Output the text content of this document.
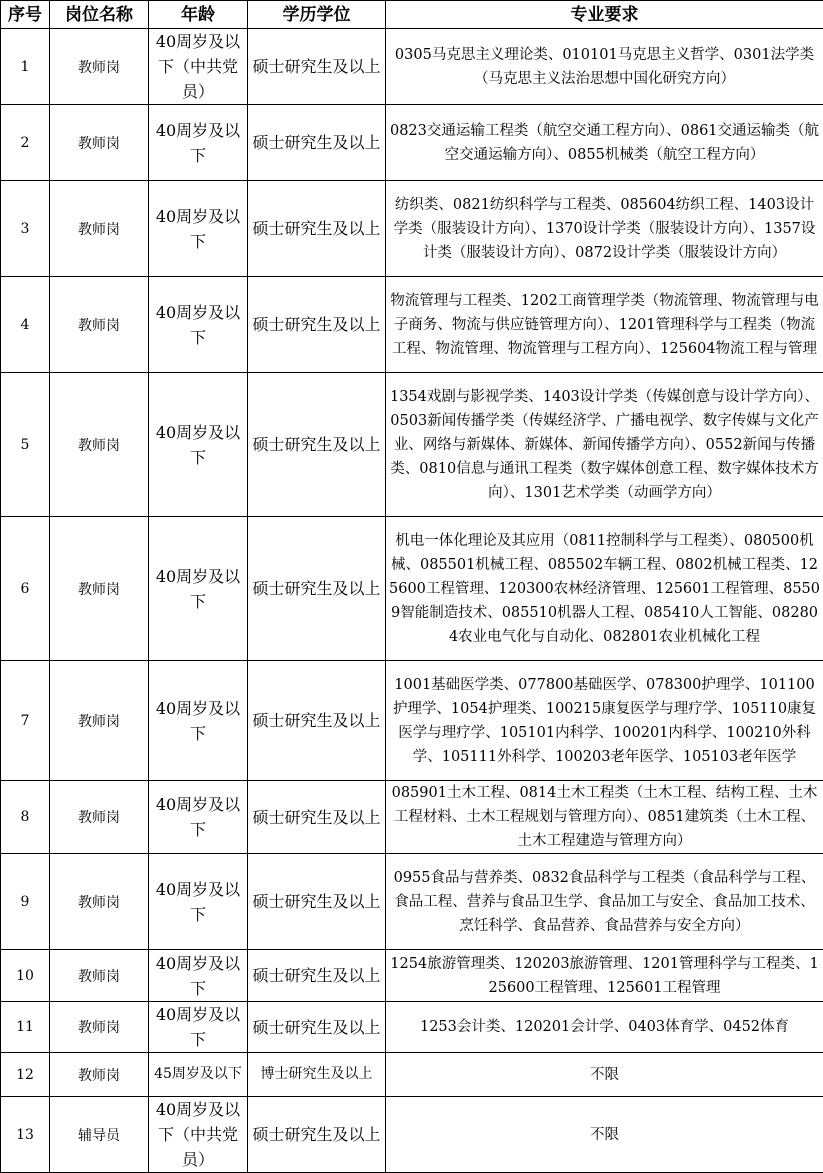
序号	岗位名称	年龄	学历学位	专业要求
1	教师岗	40周岁及以下（中共党员）	硕士研究生及以上	0305马克思主义理论类、010101马克思主义哲学、0301法学类（马克思主义法治思想中国化研究方向）
2	教师岗	40周岁及以下	硕士研究生及以上	0823交通运输工程类（航空交通工程方向）、0861交通运输类（航空交通运输方向）、0855机械类（航空工程方向）
3	教师岗	40周岁及以下	硕士研究生及以上	纺织类、0821纺织科学与工程类、085604纺织工程、1403设计学类（服装设计方向）、1370设计学类（服装设计方向）、1357设计类（服装设计方向）、0872设计学类（服装设计方向）
4	教师岗	40周岁及以下	硕士研究生及以上	物流管理与工程类、1202工商管理学类（物流管理、物流管理与电子商务、物流与供应链管理方向）、1201管理科学与工程类（物流工程、物流管理、物流管理与工程方向）、125604物流工程与管理
5	教师岗	40周岁及以下	硕士研究生及以上	1354戏剧与影视学类、1403设计学类（传媒创意与设计学方向）、0503新闻传播学类（传媒经济学、广播电视学、数字传媒与文化产业、网络与新媒体、新媒体、新闻传播学方向）、0552新闻与传播类、0810信息与通讯工程类（数字媒体创意工程、数字媒体技术方向）、1301艺术学类（动画学方向）
6	教师岗	40周岁及以下	硕士研究生及以上	机电一体化理论及其应用（0811控制科学与工程类）、080500机械、085501机械工程、085502车辆工程、0802机械工程类、125600工程管理、120300农林经济管理、125601工程管理、85509智能制造技术、085510机器人工程、085410人工智能、082804农业电气化与自动化、082801农业机械化工程
7	教师岗	40周岁及以下	硕士研究生及以上	1001基础医学类、077800基础医学、078300护理学、101100护理学、1054护理类、100215康复医学与理疗学、105110康复医学与理疗学、105101内科学、100201内科学、100210外科学、105111外科学、100203老年医学、105103老年医学
8	教师岗	40周岁及以下	硕士研究生及以上	085901土木工程、0814土木工程类（土木工程、结构工程、土木工程材料、土木工程规划与管理方向）、0851建筑类（土木工程、土木工程建造与管理方向）
9	教师岗	40周岁及以下	硕士研究生及以上	0955食品与营养类、0832食品科学与工程类（食品科学与工程、食品工程、营养与食品卫生学、食品加工与安全、食品加工技术、烹饪科学、食品营养、食品营养与安全方向）
10	教师岗	40周岁及以下	硕士研究生及以上	1254旅游管理类、120203旅游管理、1201管理科学与工程类、125600工程管理、125601工程管理
11	教师岗	40周岁及以下	硕士研究生及以上	1253会计类、120201会计学、0403体育学、0452体育
12	教师岗	45周岁及以下	博士研究生及以上	不限
13	辅导员	40周岁及以下（中共党员）	硕士研究生及以上	不限
